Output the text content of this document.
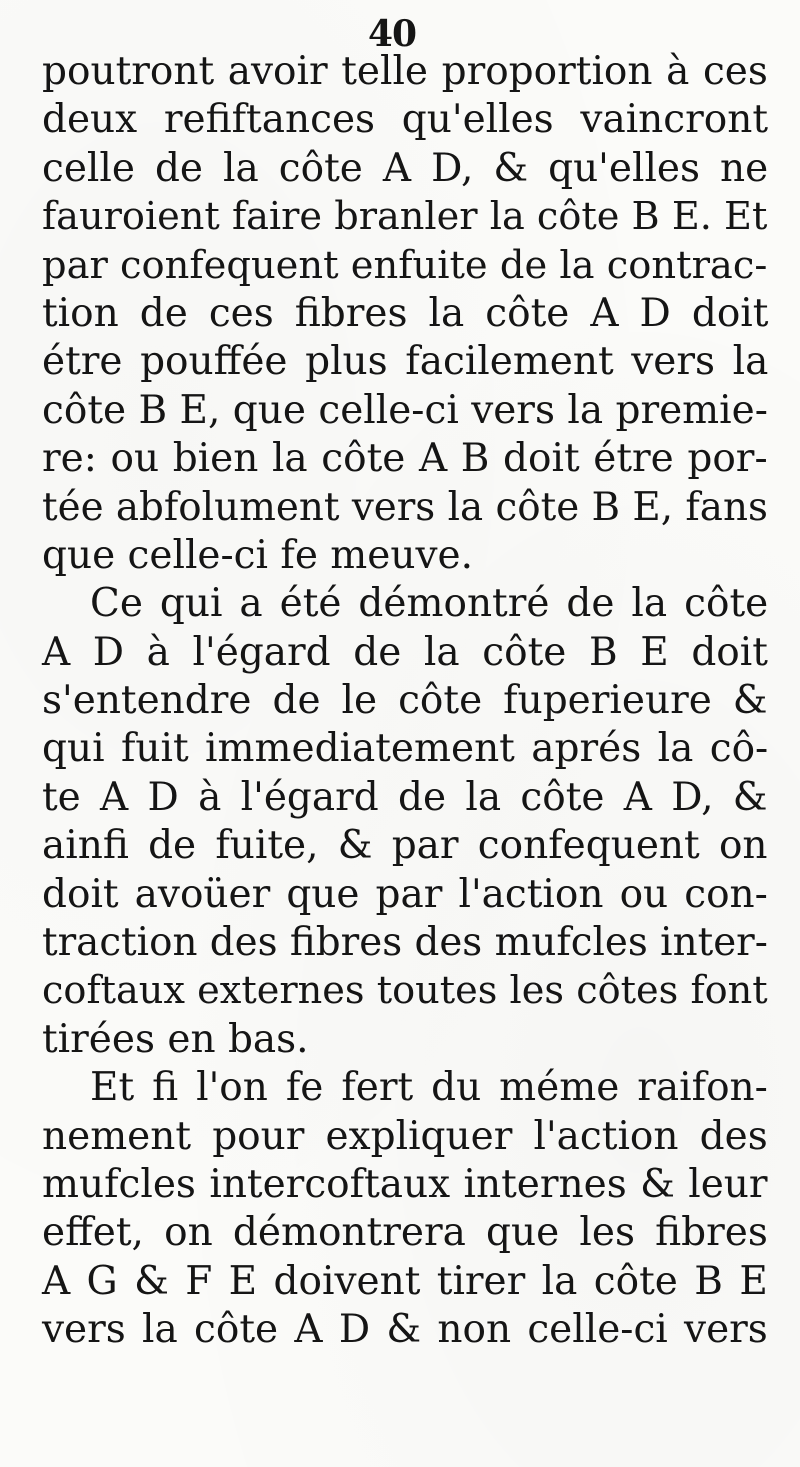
40
poutront avoir telle proportion à ces
deux refiftances qu'elles vaincront
celle de la côte A D, & qu'elles ne
fauroient faire branler la côte B E. Et
par confequent enfuite de la contrac-
tion de ces fibres la côte A D doit
étre pouffée plus facilement vers la
côte B E, que celle-ci vers la premie-
re: ou bien la côte A B doit étre por-
tée abfolument vers la côte B E, fans
que celle-ci fe meuve.
Ce qui a été démontré de la côte
A D à l'égard de la côte B E doit
s'entendre de le côte fuperieure &
qui fuit immediatement aprés la cô-
te A D à l'égard de la côte A D, &
ainfi de fuite, & par confequent on
doit avoüer que par l'action ou con-
traction des fibres des mufcles inter-
coftaux externes toutes les côtes font
tirées en bas.
Et fi l'on fe fert du méme raifon-
nement pour expliquer l'action des
mufcles intercoftaux internes & leur
effet, on démontrera que les fibres
A G & F E doivent tirer la côte B E
vers la côte A D & non celle-ci vers
